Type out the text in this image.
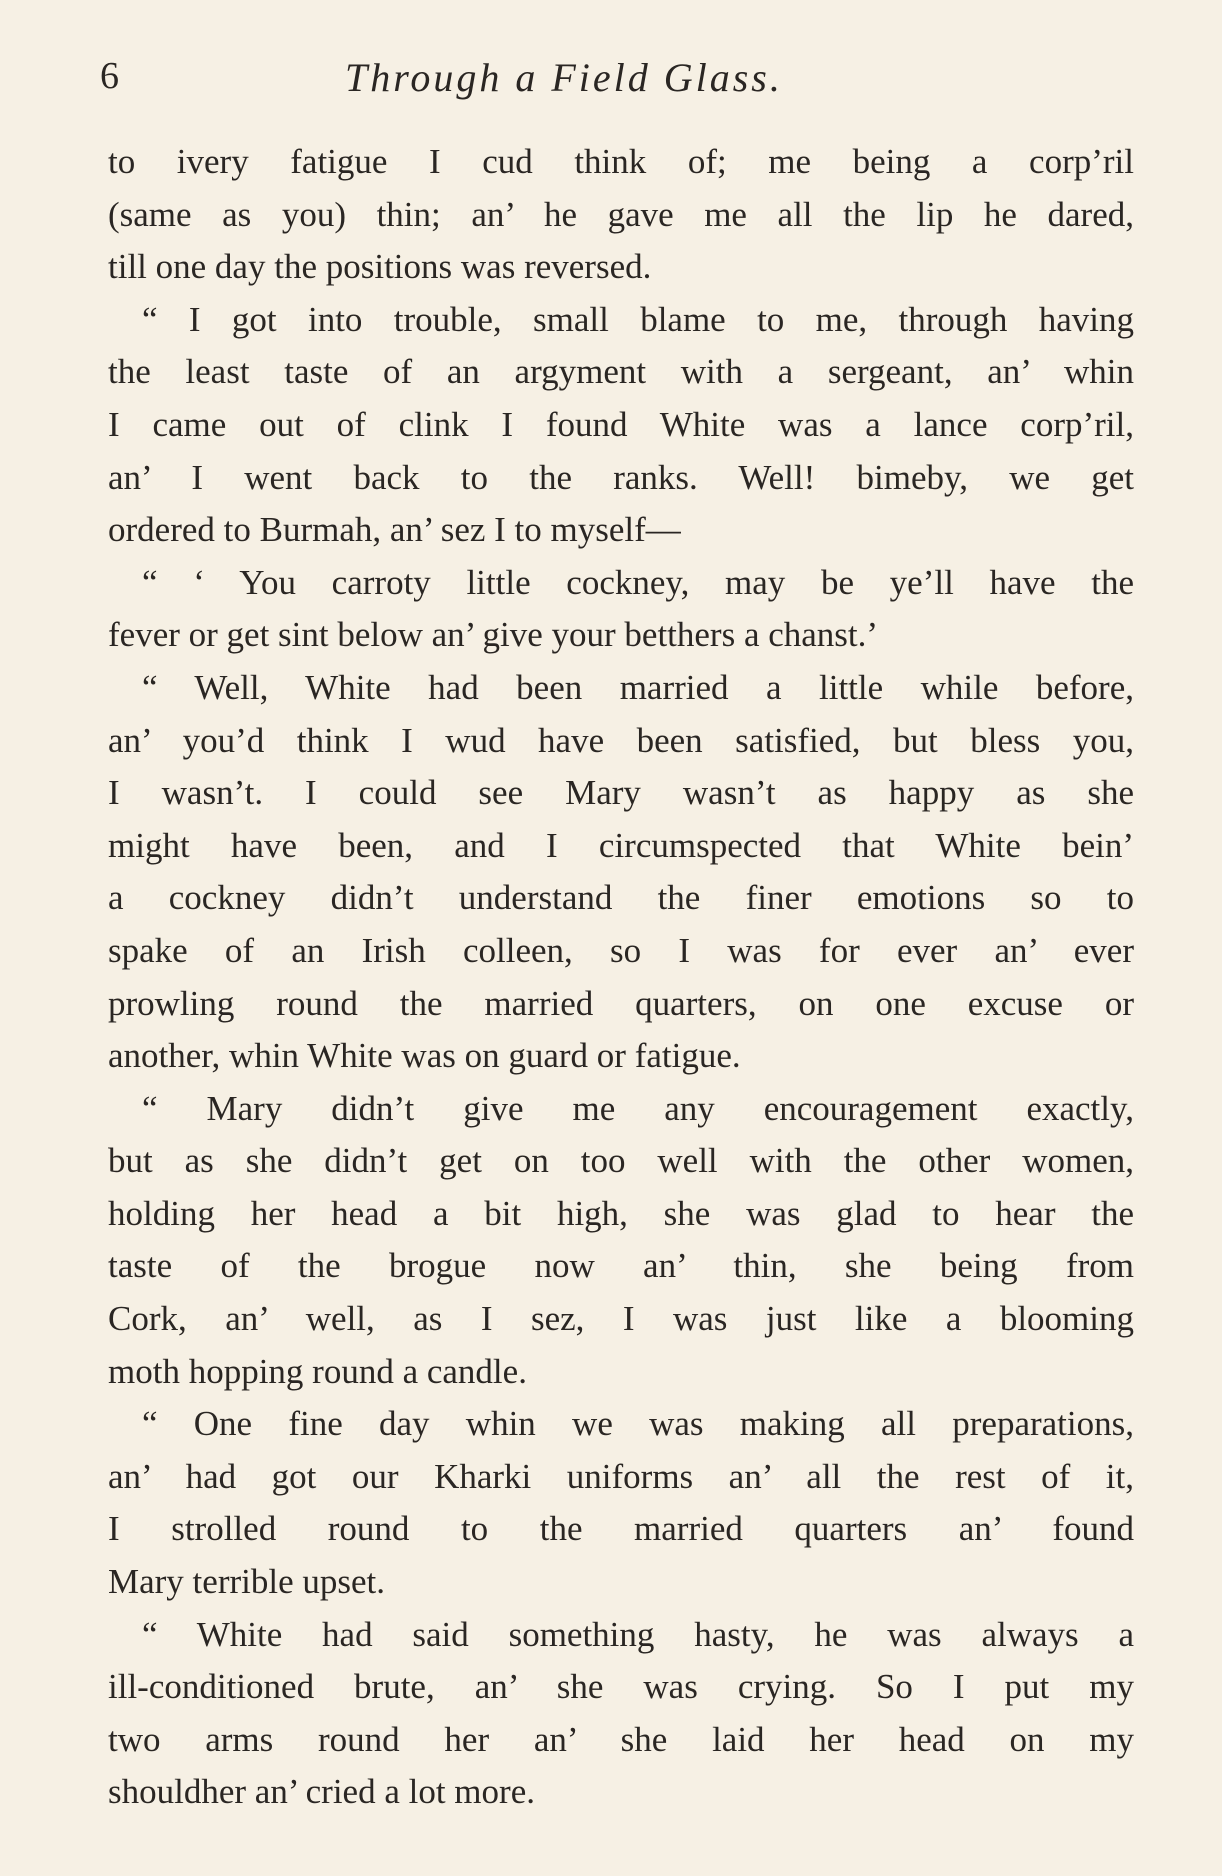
6	Through a Field Glass.
to ivery fatigue I cud think of; me being a corp’ril
(same as you) thin; an’ he gave me all the lip he dared,
till one day the positions was reversed.
“ I got into trouble, small blame to me, through having
the least taste of an argyment with a sergeant, an’ whin
I came out of clink I found White was a lance corp’ril,
an’ I went back to the ranks. Well! bimeby, we get
ordered to Burmah, an’ sez I to myself—
“ ‘ You carroty little cockney, may be ye’ll have the
fever or get sint below an’ give your betthers a chanst.’
“ Well, White had been married a little while before,
an’ you’d think I wud have been satisfied, but bless you,
I wasn’t. I could see Mary wasn’t as happy as she
might have been, and I circumspected that White bein’
a cockney didn’t understand the finer emotions so to
spake of an Irish colleen, so I was for ever an’ ever
prowling round the married quarters, on one excuse or
another, whin White was on guard or fatigue.
“ Mary didn’t give me any encouragement exactly,
but as she didn’t get on too well with the other women,
holding her head a bit high, she was glad to hear the
taste of the brogue now an’ thin, she being from
Cork, an’ well, as I sez, I was just like a blooming
moth hopping round a candle.
“ One fine day whin we was making all preparations,
an’ had got our Kharki uniforms an’ all the rest of it,
I strolled round to the married quarters an’ found
Mary terrible upset.
“ White had said something hasty, he was always a
ill-conditioned brute, an’ she was crying. So I put my
two arms round her an’ she laid her head on my
shouldher an’ cried a lot more.
